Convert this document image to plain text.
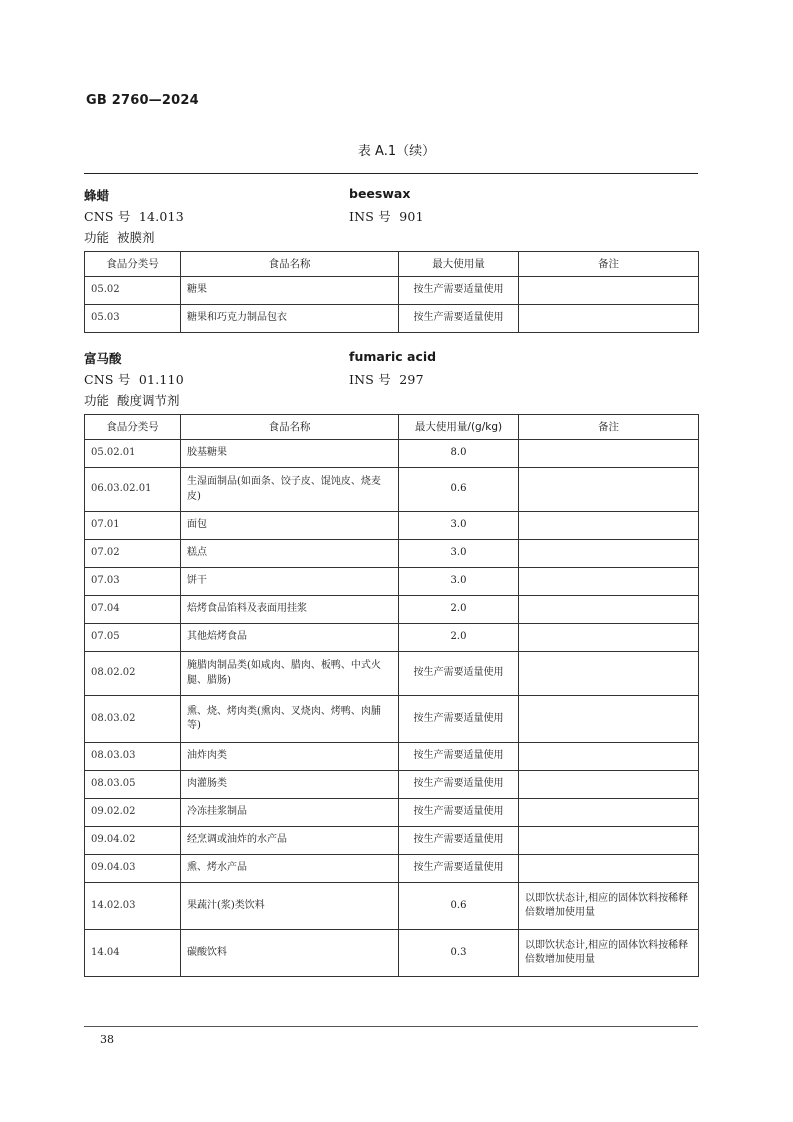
GB 2760—2024
表 A.1（续）
蜂蜡	beeswax
CNS 号 14.013	INS 号 901
功能 被膜剂
食品分类号	食品名称	最大使用量	备注
05.02	糖果	按生产需要适量使用	
05.03	糖果和巧克力制品包衣	按生产需要适量使用	
富马酸	fumaric acid
CNS 号 01.110	INS 号 297
功能 酸度调节剂
食品分类号	食品名称	最大使用量/(g/kg)	备注
05.02.01	胶基糖果	8.0	
06.03.02.01	生湿面制品(如面条、饺子皮、馄饨皮、烧麦皮)	0.6	
07.01	面包	3.0	
07.02	糕点	3.0	
07.03	饼干	3.0	
07.04	焙烤食品馅料及表面用挂浆	2.0	
07.05	其他焙烤食品	2.0	
08.02.02	腌腊肉制品类(如咸肉、腊肉、板鸭、中式火腿、腊肠)	按生产需要适量使用	
08.03.02	熏、烧、烤肉类(熏肉、叉烧肉、烤鸭、肉脯等)	按生产需要适量使用	
08.03.03	油炸肉类	按生产需要适量使用	
08.03.05	肉灌肠类	按生产需要适量使用	
09.02.02	冷冻挂浆制品	按生产需要适量使用	
09.04.02	经烹调或油炸的水产品	按生产需要适量使用	
09.04.03	熏、烤水产品	按生产需要适量使用	
14.02.03	果蔬汁(浆)类饮料	0.6	以即饮状态计,相应的固体饮料按稀释倍数增加使用量
14.04	碳酸饮料	0.3	以即饮状态计,相应的固体饮料按稀释倍数增加使用量
38
